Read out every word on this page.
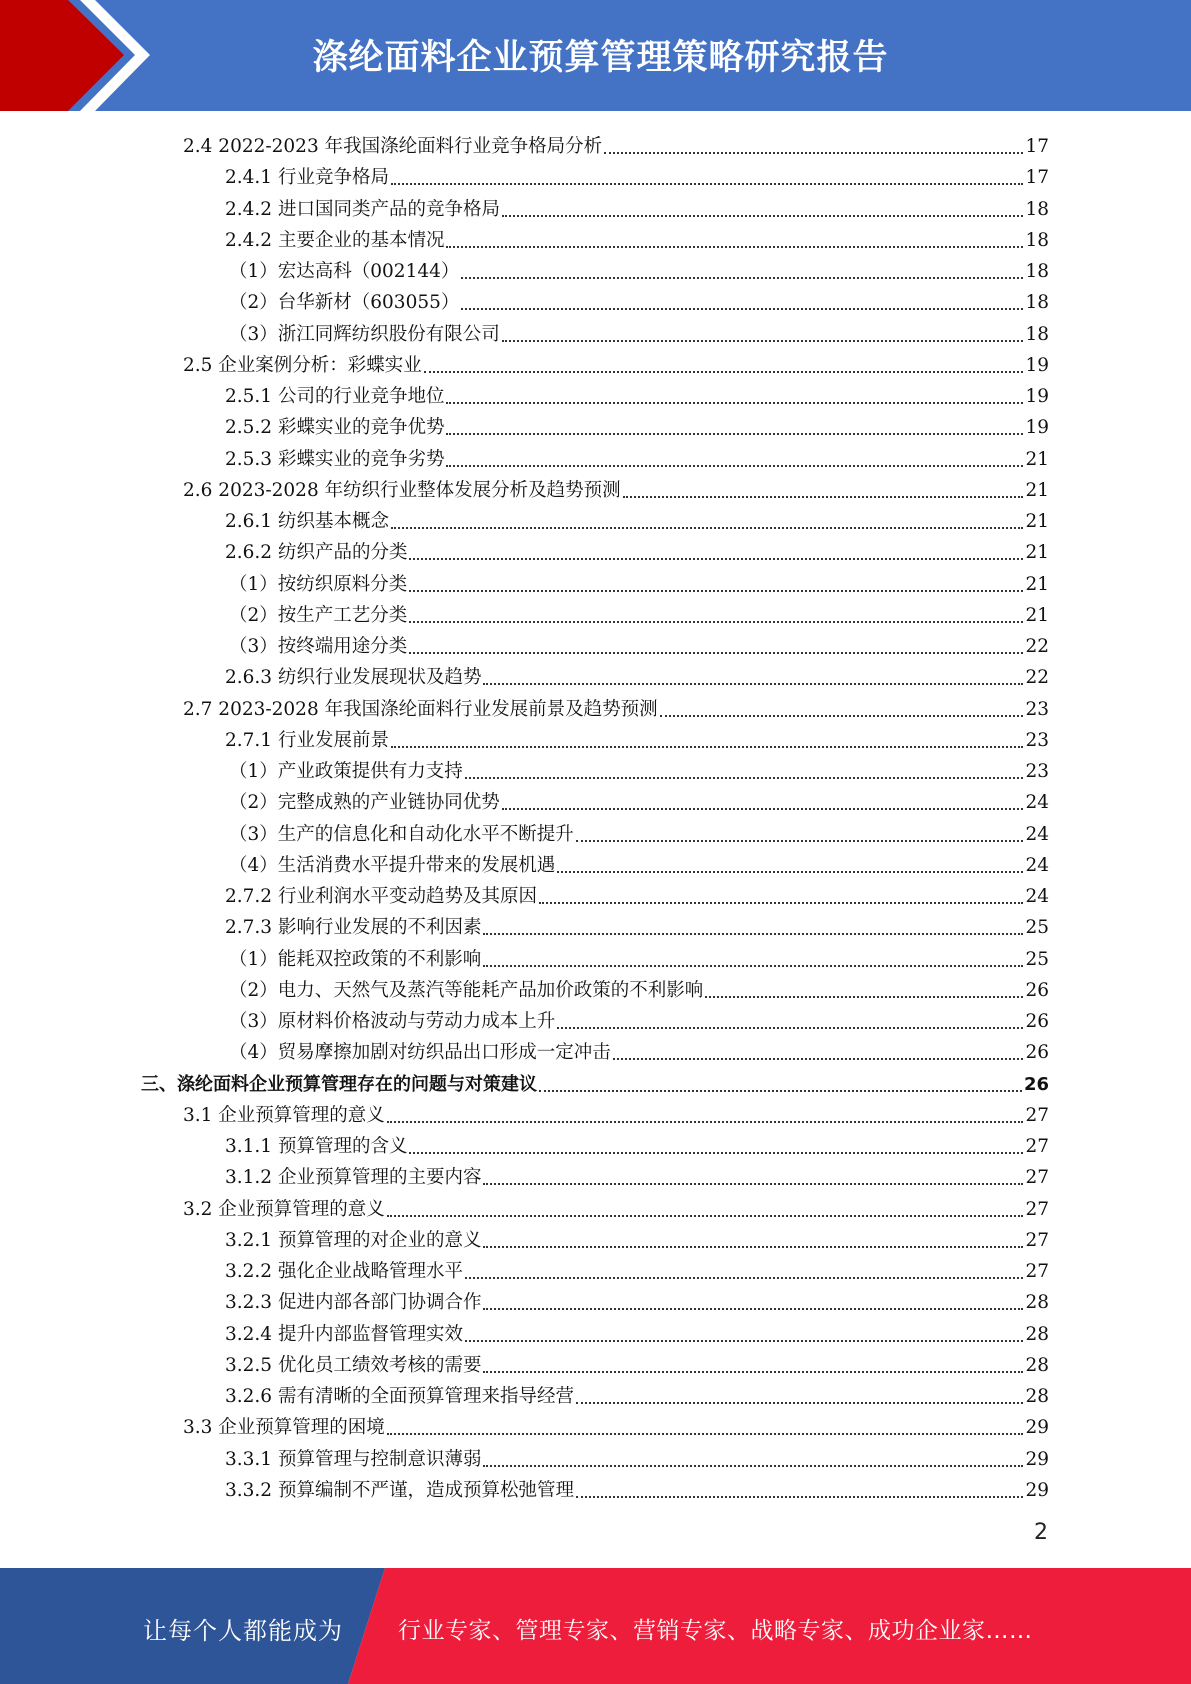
涤纶面料企业预算管理策略研究报告
2.4 2022-2023 年我国涤纶面料行业竞争格局分析	17
2.4.1 行业竞争格局	17
2.4.2 进口国同类产品的竞争格局	18
2.4.2 主要企业的基本情况	18
（1）宏达高科（002144）	18
（2）台华新材（603055）	18
（3）浙江同辉纺织股份有限公司	18
2.5 企业案例分析：彩蝶实业	19
2.5.1 公司的行业竞争地位	19
2.5.2 彩蝶实业的竞争优势	19
2.5.3 彩蝶实业的竞争劣势	21
2.6 2023-2028 年纺织行业整体发展分析及趋势预测	21
2.6.1 纺织基本概念	21
2.6.2 纺织产品的分类	21
（1）按纺织原料分类	21
（2）按生产工艺分类	21
（3）按终端用途分类	22
2.6.3 纺织行业发展现状及趋势	22
2.7 2023-2028 年我国涤纶面料行业发展前景及趋势预测	23
2.7.1 行业发展前景	23
（1）产业政策提供有力支持	23
（2）完整成熟的产业链协同优势	24
（3）生产的信息化和自动化水平不断提升	24
（4）生活消费水平提升带来的发展机遇	24
2.7.2 行业利润水平变动趋势及其原因	24
2.7.3 影响行业发展的不利因素	25
（1）能耗双控政策的不利影响	25
（2）电力、天然气及蒸汽等能耗产品加价政策的不利影响	26
（3）原材料价格波动与劳动力成本上升	26
（4）贸易摩擦加剧对纺织品出口形成一定冲击	26
三、涤纶面料企业预算管理存在的问题与对策建议	26
3.1 企业预算管理的意义	27
3.1.1 预算管理的含义	27
3.1.2 企业预算管理的主要内容	27
3.2 企业预算管理的意义	27
3.2.1 预算管理的对企业的意义	27
3.2.2 强化企业战略管理水平	27
3.2.3 促进内部各部门协调合作	28
3.2.4 提升内部监督管理实效	28
3.2.5 优化员工绩效考核的需要	28
3.2.6 需有清晰的全面预算管理来指导经营	28
3.3 企业预算管理的困境	29
3.3.1 预算管理与控制意识薄弱	29
3.3.2 预算编制不严谨，造成预算松弛管理	29
2
让每个人都能成为 行业专家、管理专家、营销专家、战略专家、成功企业家……
